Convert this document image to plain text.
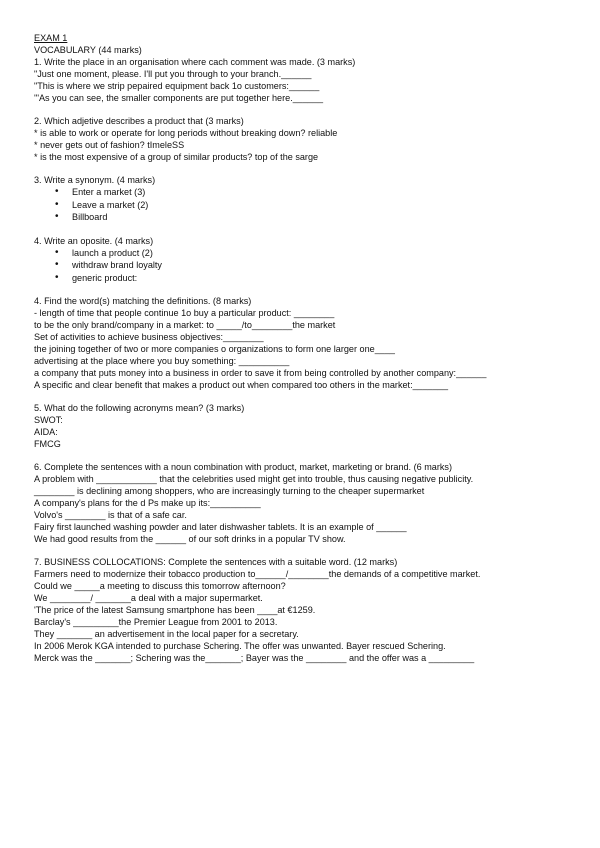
EXAM 1
VOCABULARY (44 marks)
1. Write the place in an organisation where cach comment was made. (3 marks)
"Just one moment, please. I'll put you through to your branch.______
"This is where we strip pepaired equipment back 1o customers:______
'"As you can see, the smaller components are put together here.______
2. Which adjetive describes a product that (3 marks)
* is able to work or operate for long periods without breaking down? reliable
* never gets out of fashion? tImeleSS
* is the most expensive of a group of similar products? top of the sarge
3. Write a synonym. (4 marks)
• Enter a market (3)
• Leave a market (2)
• Billboard
4. Write an oposite. (4 marks)
• launch a product (2)
• withdraw brand loyalty
• generic product:
4. Find the word(s) matching the definitions. (8 marks)
- length of time that people continue 1o buy a particular product: ________
to be the only brand/company in a market: to _____/to________the market
Set of activities to achieve business objectives:________
the joining together of two or more companies o organizations to form one larger one____
advertising at the place where you buy something: __________
a company that puts money into a business in order to save it from being controlled by another company:______
A specific and clear benefit that makes a product out when compared too others in the market:_______
5. What do the following acronyms mean? (3 marks)
SWOT:
AIDA:
FMCG
6. Complete the sentences with a noun combination with product, market, marketing or brand. (6 marks)
A problem with ____________ that the celebrities used might get into trouble, thus causing negative publicity.
________ is declining among shoppers, who are increasingly turning to the cheaper supermarket
A company's plans for the d Ps make up its:__________
Volvo's ________ is that of a safe car.
Fairy first launched washing powder and later dishwasher tablets. It is an example of ______
We had good results from the ______ of our soft drinks in a popular TV show.
7. BUSINESS COLLOCATIONS: Complete the sentences with a suitable word. (12 marks)
Farmers need to modernize their tobacco production to______/________the demands of a competitive market.
Could we _____a meeting to discuss this tomorrow afternoon?
We ________/ _______a deal with a major supermarket.
'The price of the latest Samsung smartphone has been ____at €1259.
Barclay's _________the Premier League from 2001 to 2013.
They _______ an advertisement in the local paper for a secretary.
In 2006 Merok KGA intended to purchase Schering. The offer was unwanted. Bayer rescued Schering.
Merck was the _______; Schering was the_______; Bayer was the ________ and the offer was a _________
